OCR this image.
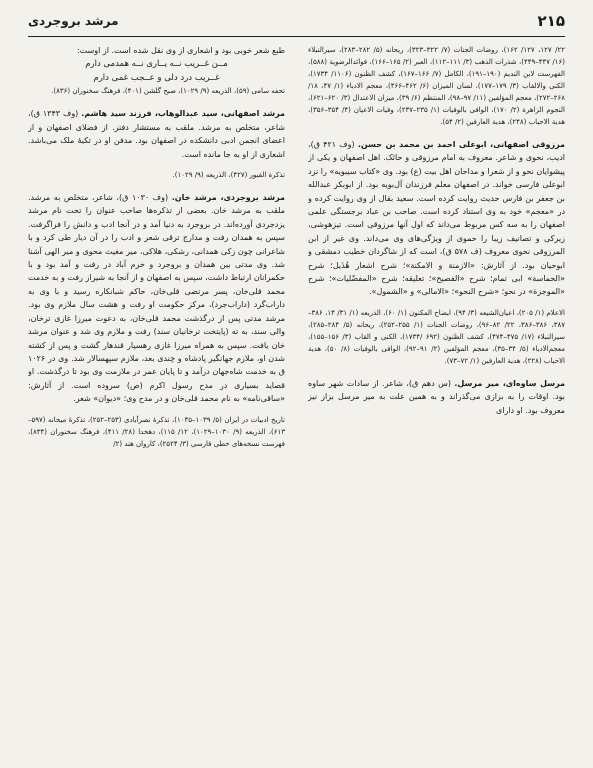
مرشد بروجردی	۲۱۵

۲۲/ ۱۲۷، ۱۲۷/ ۱۶۲)، روضات الجنات (۷/ ۳۲۲–۳۲۳)، ریحانه (۵/ ۲۸۲–۲۸۳)، سیرالنبلاء (۱۶/ ۴۴۷–۴۴۹)، شذرات الذهب (۳/ ۱۱۱–۱۱۲)، العبر (۲/ ۱۶۵–۱۶۶)، فوائدالرضویة (۵۸۸)، الفهرست لابن الندیم (۱۹۰–۱۹۱)، الکامل (۷/ ۱۶۶–۱۶۷)، کشف الظنون (۱۱۰۶/ ۱۷۳۴)، الکنی والالقاب (۳/ ۱۷۹–۱۷۷)، لسان المیزان (۶/ ۴۶۲–۴۶۶)، معجم الادباء (۱/ ۴۷، ۱۸/ ۲۶۸–۲۷۲)، معجم المؤلفین (۱۱/ ۹۷–۹۸)، المنتظم (۶/ ۳۹)، میزان الاعتدال (۳/ ۶۲۰–۶۲۱)، النجوم الزاهرة (۲/ ۱۷۰)، الوافی بالوفیات (۱/ ۲۳۵–۲۳۷)، وفیات الاعیان (۴/ ۳۵۴–۳۵۶)، هدیة الاحباب (۲۴۸)، هدیة العارفین (۲/ ۵۴).

مرزوقی اصفهانی، ابوعلی احمد بن محمد بن حسن. (وف ۴۲۱ ق)، ادیب، نحوی و شاعر. معروف به امام مرزوقی و حائک. اهل اصفهان و یکی از پیشوایان نحو و از شعرا و مداحان اهل بیت (ع) بود. وی «کتاب سیبویه» را نزد ابوعلی فارسی خواند. در اصفهان معلم فرزندان آل‌بویه بود. از ابوبکر عبدالله بن جعفر بن فارس حدیث روایت کرده است. سعید بقال از وی روایت کرده و در «معجم» خود به وی استناد کرده است. صاحب بن عباد برجستگی علمی اصفهان را به سه کس مربوط می‌داند که اول آنها مرزوقی است. تیزهوشی، زیرکی و تصانیف زیبا را حموی از ویژگی‌های وی می‌داند. وی غیر از ابن المرزوقی نحوی معروف (ف ۵۷۸ ق)، است که از شاگردان خطیب دمشقی و ابوحیان بود. از آثارش: «الازمنة و الامکنة»؛ شرح اشعار هُذَیل؛ شرح «الحماسة» ابی تمام؛ شرح «الفصیح»؛ تعلیقه؛ شرح «المفضّلیات»؛ شرح «الموجزة» در نحو؛ «شرح النحو»؛ «الامالی» و «الشمول».

الاعلام (۱/ ۲۰۵)، اعیان‌الشیعه (۳/ ۹۴)، ایضاح المکنون (۱/ ۶۰)، الذریعه (۱/ ۳۱/ ۱۴، ۳۸۶–۳۸۷، ۳۸۶–۳۸۶، ۲۲/ ۸۲–۹۶)، روضات الجنات (۱/ ۲۵۵–۲۵۲)، ریحانه (۵/ ۲۸۴–۲۸۵)، سیرالنبلاء (۱۷/ ۴۷۵–۴۷۴)، کشف الظنون (۶۹۲ /۱۷۳۴)، الکنی و القاب (۳/ ۱۵۶–۱۵۵)، معجم‌الادباء (۵/ ۳۴–۳۵)، معجم المؤلفین (۲/ ۹۱–۹۲)، الوافی بالوفیات (۸/ ۵۰)، هدیة الاحباب (۲۲۸)، هدیة العارفین (۱/ ۷۲–۷۳).

مرسل ساوه‌ای، میر مرسل. (س دهم ق)، شاعر. از سادات شهر ساوه بود. اوقات را به بزازی می‌گذراند و به همین علت به میر مرسل بزاز نیز معروف بود. او دارای

طبع شعر خوبی بود و اشعاری از وی نقل شده است. از اوست:

مــن غــریب نــه یــاری نــه همدمی دارم

غــریب درد دلی و عــجب غمی دارم

تحفه سامی (۵۹)، الذریعه (۹/ ۱۰۲۹)، صبح گلشن (۴۰۱)، فرهنگ سخنوران (۸۳۶).

مرشد اصفهانی، سید عبدالوهاب، فرزند سید هاشم. (وف ۱۳۴۳ ق)، شاعر، متخلص به مرشد. ملقب به مستشار دفتر. از فضلای اصفهان و از اعضای انجمن ادبی دانشکده در اصفهان بود. مدفن او در تکیهٔ ملک می‌باشد. اشعاری از او به جا مانده است.

تذکرة القبور (۴۲۷)، الذریعه (۹/ ۱۰۲۹).

مرشد بروجردی، مرشد خان. (وف ۱۰۳۰ ق)، شاعر، متخلص به مرشد. ملقب به مرشد خان. بعضی از تذکره‌ها صاحب عنوان را تحت نام مرشد یزدجردی آورده‌اند. در بروجرد به دنیا آمد و در آنجا ادب و دانش را فراگرفت. سپس به همدان رفت و مدارج ترقی شعر و ادب را در آن دیار طی کرد و با شاعرانی چون زکی همدانی، رشکی، هلاکی، میر مغیث محوی و میر الهی آشنا شد. وی مدتی بین همدان و بروجرد و خرم آباد در رفت و آمد بود و با حکمرانان ارتباط داشت، سپس به اصفهان و از آنجا به شیراز رفت و به خدمت محمد قلی‌خان، پسر مرتضی قلی‌خان، حاکم شبانکاره رسید و با وی به داراب‌گرد (داراب‌جرد)، مرکز حکومت او رفت و هشت سال ملازم وی بود. مرشد مدتی پس از درگذشت محمد قلی‌خان، به دعوت میرزا غازی ترخان، والی سند، به ته (پایتخت ترخانیان سند) رفت و ملازم وی شد و عنوان مرشد خان یافت. سپس به همراه میرزا غازی رهسپار قندهار گشت و پس از کشته شدن او، ملازم جهانگیر پادشاه و چندی بعد، ملازم سپهسالار شد. وی در ۱۰۲۶ ق به خدمت شاه‌جهان درآمد و تا پایان عمر در ملازمت وی بود تا درگذشت. او قصاید بسیاری در مدح رسول اکرم (ص) سروده است. از آثارش: «ساقی‌نامه» به نام محمد قلی‌خان و در مدح وی؛ «دیوان» شعر.

تاریخ ادبیات در ایران (۵/ ۱۰۳۹–۱۰۳۵)، تذکرهٔ نصرآبادی (۲۵۳–۲۵۲)، تذکرهٔ میخانه (۵۹۷–۶۱۳)، الذریعه (۹/ ۱۰۳۰–۱۰۲۹)، ۱۲/ ۱۱۵)، دهخدا (۲۸/ ۴۱۱)، فرهنگ سخنوران (۸۳۴)، فهرست نسخه‌های خطی فارسی (۳/ ۲۵۲۴)، کاروان هند (۲/
